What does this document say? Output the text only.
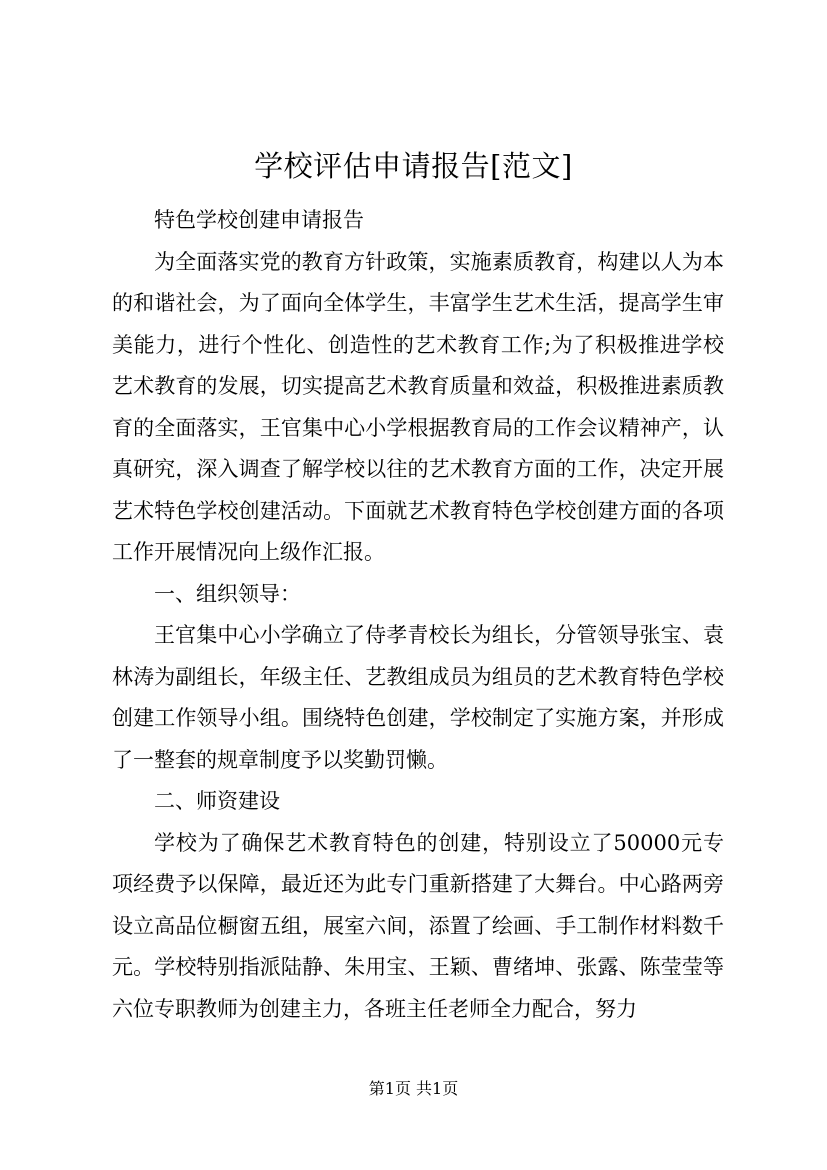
学校评估申请报告[范文]

特色学校创建申请报告

为全面落实党的教育方针政策，实施素质教育，构建以人为本的和谐社会，为了面向全体学生，丰富学生艺术生活，提高学生审美能力，进行个性化、创造性的艺术教育工作;为了积极推进学校艺术教育的发展，切实提高艺术教育质量和效益，积极推进素质教育的全面落实，王官集中心小学根据教育局的工作会议精神产，认真研究，深入调查了解学校以往的艺术教育方面的工作，决定开展艺术特色学校创建活动。下面就艺术教育特色学校创建方面的各项工作开展情况向上级作汇报。

一、组织领导：

王官集中心小学确立了侍孝青校长为组长，分管领导张宝、袁林涛为副组长，年级主任、艺教组成员为组员的艺术教育特色学校创建工作领导小组。围绕特色创建，学校制定了实施方案，并形成了一整套的规章制度予以奖勤罚懒。

二、师资建设

学校为了确保艺术教育特色的创建，特别设立了50000元专项经费予以保障，最近还为此专门重新搭建了大舞台。中心路两旁设立高品位橱窗五组，展室六间，添置了绘画、手工制作材料数千元。学校特别指派陆静、朱用宝、王颖、曹绪坤、张露、陈莹莹等六位专职教师为创建主力，各班主任老师全力配合，努力

第1页 共1页
